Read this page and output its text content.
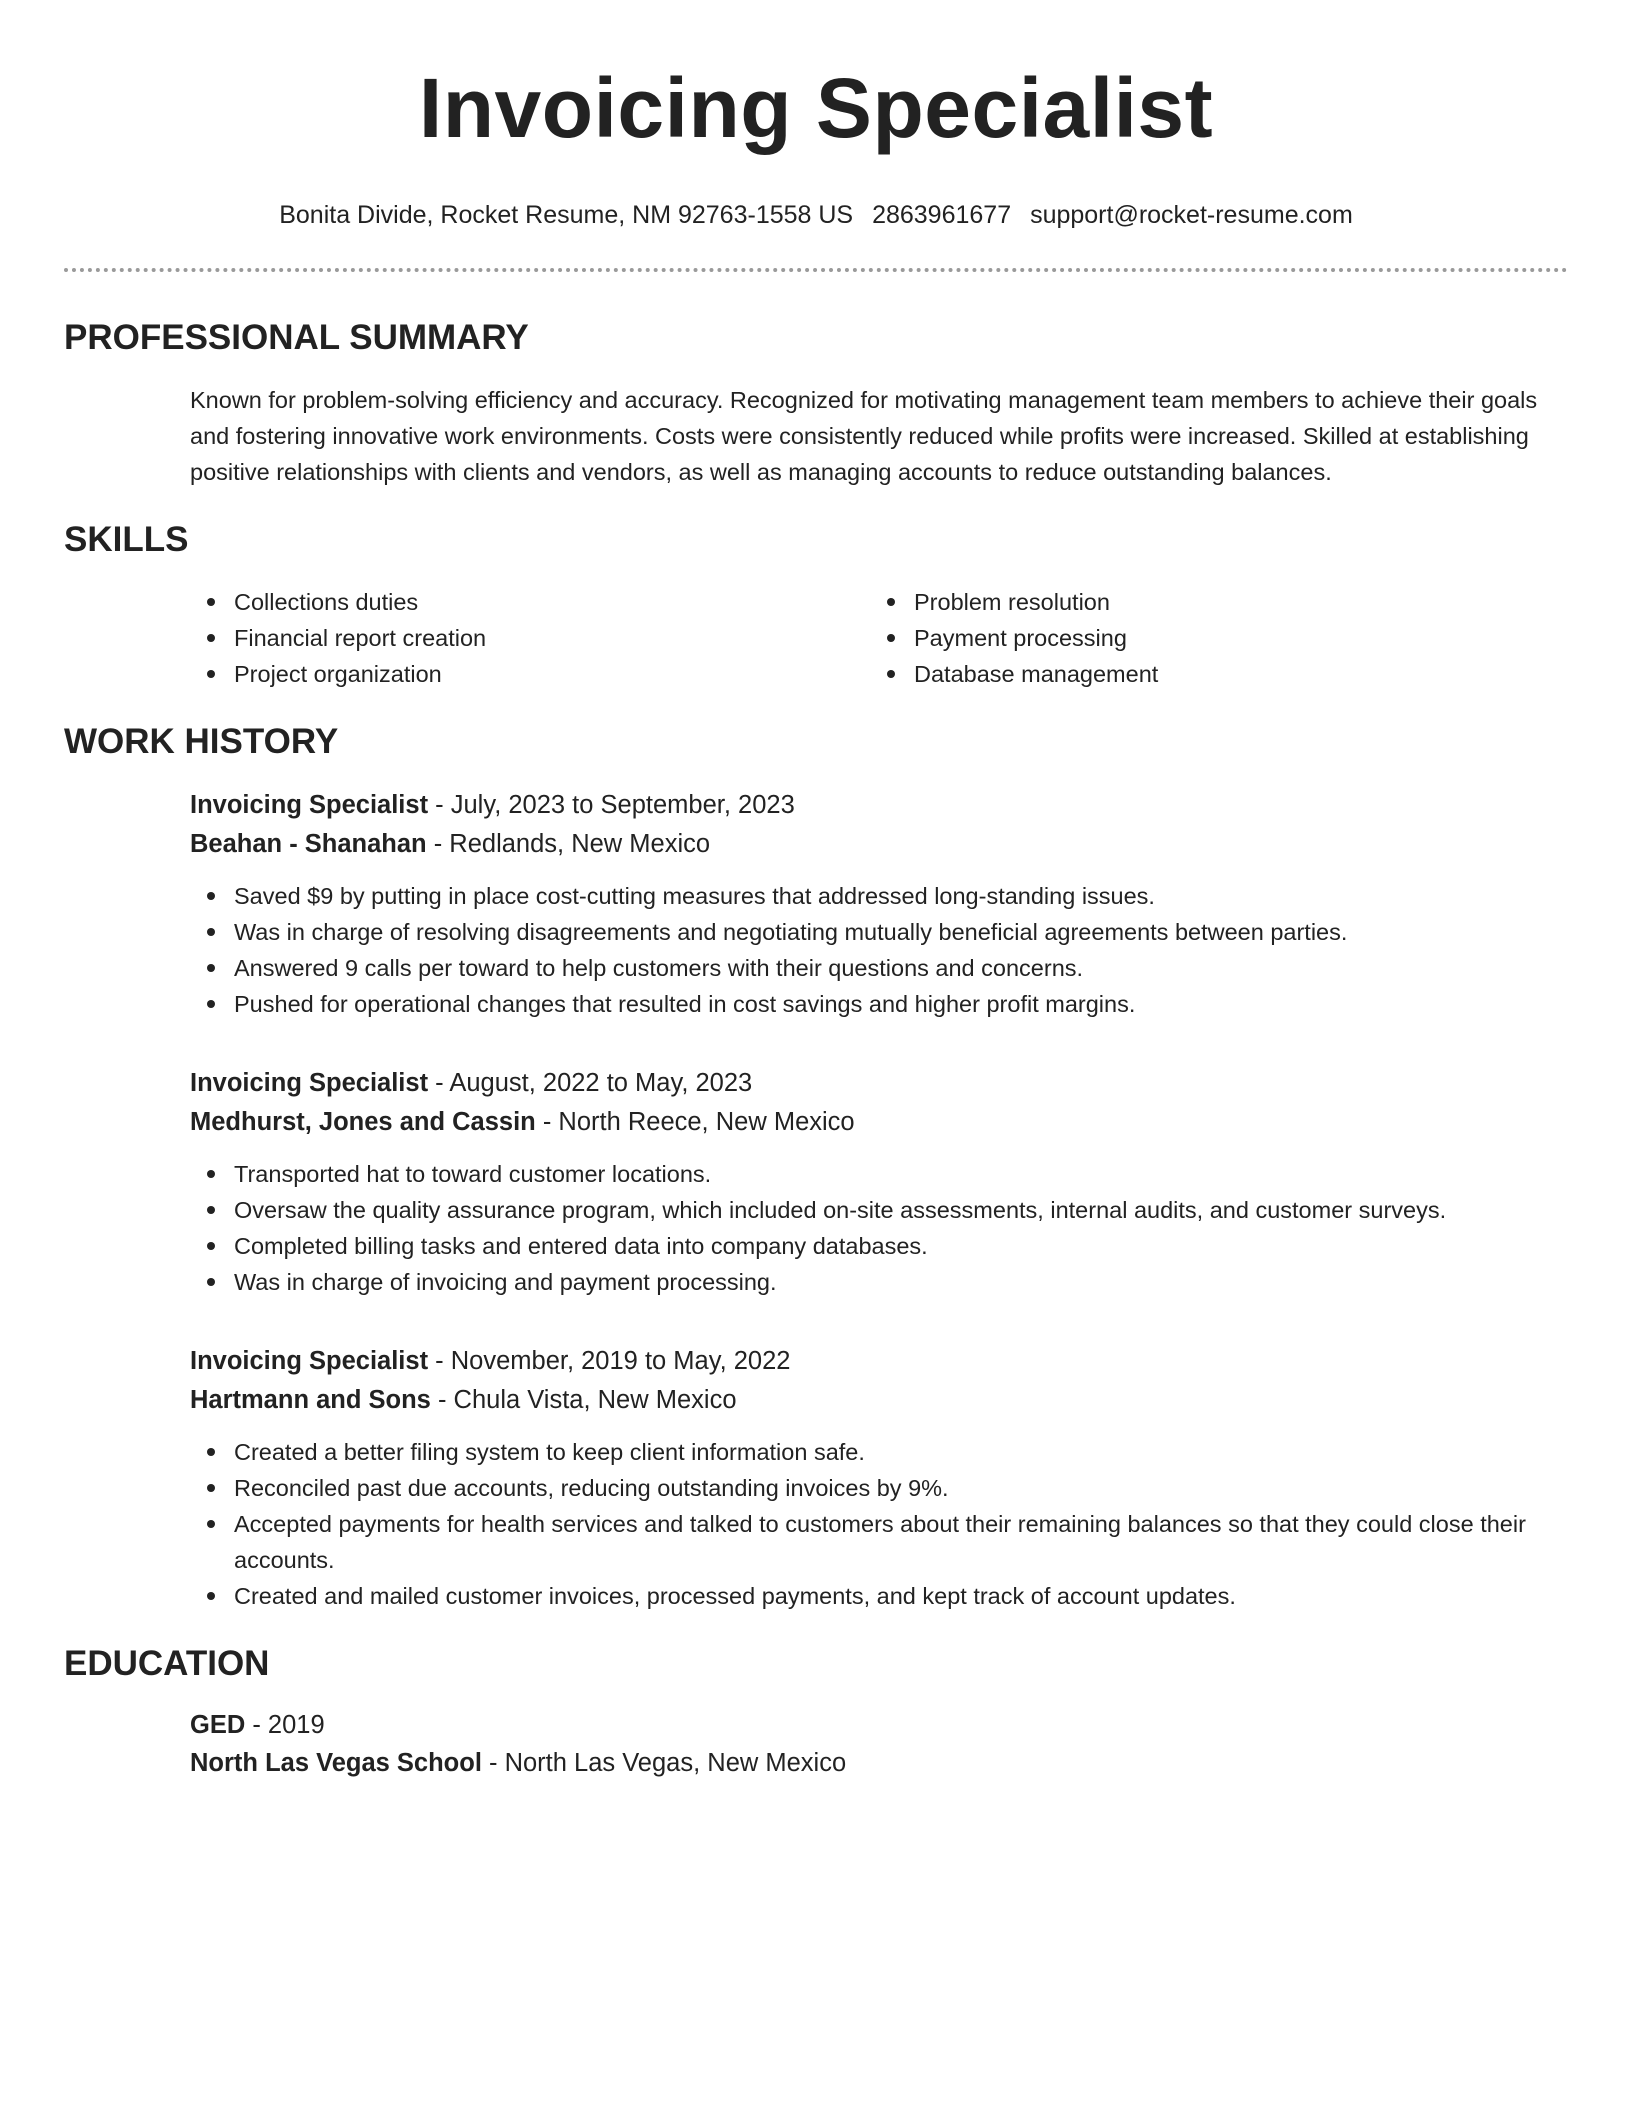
Invoicing Specialist
Bonita Divide, Rocket Resume, NM 92763-1558 US 2863961677 support@rocket-resume.com
PROFESSIONAL SUMMARY
Known for problem-solving efficiency and accuracy. Recognized for motivating management team members to achieve their goals and fostering innovative work environments. Costs were consistently reduced while profits were increased. Skilled at establishing positive relationships with clients and vendors, as well as managing accounts to reduce outstanding balances.
SKILLS
Collections duties
Financial report creation
Project organization
Problem resolution
Payment processing
Database management
WORK HISTORY
Invoicing Specialist - July, 2023 to September, 2023
Beahan - Shanahan - Redlands, New Mexico
Saved $9 by putting in place cost-cutting measures that addressed long-standing issues.
Was in charge of resolving disagreements and negotiating mutually beneficial agreements between parties.
Answered 9 calls per toward to help customers with their questions and concerns.
Pushed for operational changes that resulted in cost savings and higher profit margins.
Invoicing Specialist - August, 2022 to May, 2023
Medhurst, Jones and Cassin - North Reece, New Mexico
Transported hat to toward customer locations.
Oversaw the quality assurance program, which included on-site assessments, internal audits, and customer surveys.
Completed billing tasks and entered data into company databases.
Was in charge of invoicing and payment processing.
Invoicing Specialist - November, 2019 to May, 2022
Hartmann and Sons - Chula Vista, New Mexico
Created a better filing system to keep client information safe.
Reconciled past due accounts, reducing outstanding invoices by 9%.
Accepted payments for health services and talked to customers about their remaining balances so that they could close their accounts.
Created and mailed customer invoices, processed payments, and kept track of account updates.
EDUCATION
GED - 2019
North Las Vegas School - North Las Vegas, New Mexico
